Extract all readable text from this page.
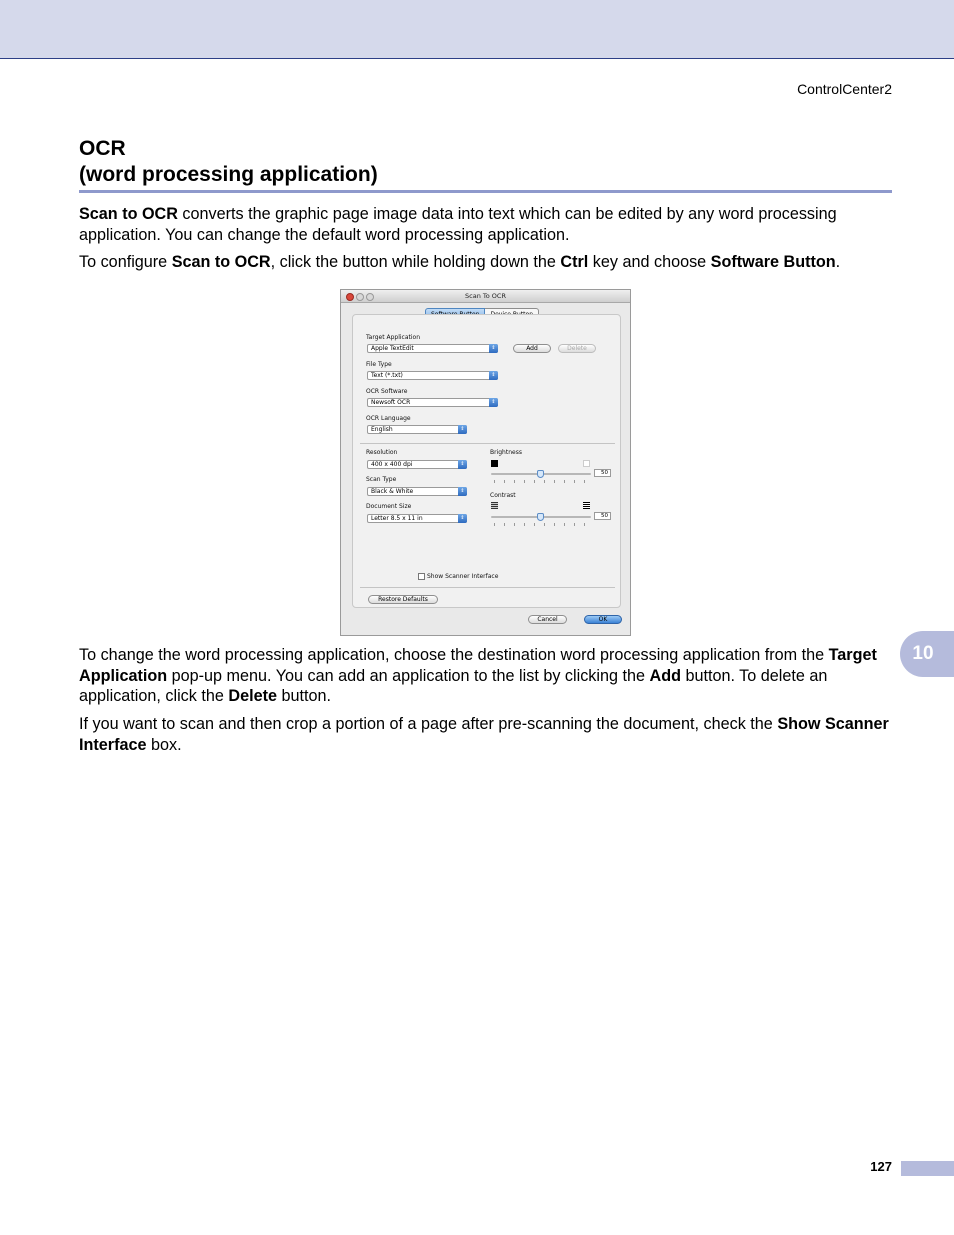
ControlCenter2
OCR
(word processing application)
Scan to OCR converts the graphic page image data into text which can be edited by any word processing application. You can change the default word processing application.
To configure Scan to OCR, click the button while holding down the Ctrl key and choose Software Button.
Scan To OCR
Target Application
Apple TextEdit	⇕	Add	Delete
File Type
Text (*.txt)	⇕
OCR Software
Newsoft OCR	⇕
OCR Language
English	⇕
Resolution
400 x 400 dpi	⇕
Scan Type
Black & White	⇕
Document Size
Letter 8.5 x 11 in	⇕
Brightness
50
Contrast
50
Show Scanner Interface
Restore Defaults
Cancel	OK
To change the word processing application, choose the destination word processing application from the Target Application pop-up menu. You can add an application to the list by clicking the Add button. To delete an application, click the Delete button.
If you want to scan and then crop a portion of a page after pre-scanning the document, check the Show Scanner Interface box.
10
127
